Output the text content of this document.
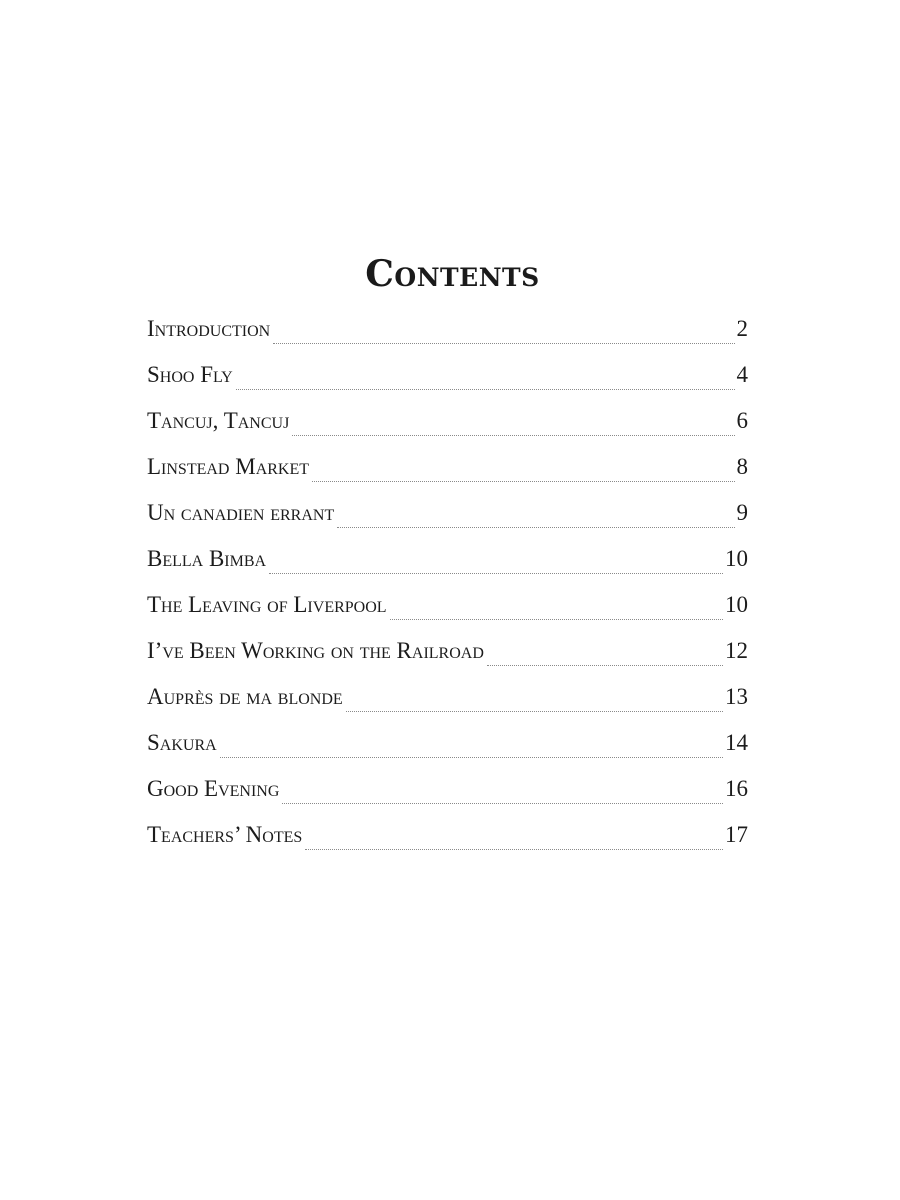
Contents
Introduction	2
Shoo Fly	4
Tancuj, Tancuj	6
Linstead Market	8
Un canadien errant	9
Bella Bimba	10
The Leaving of Liverpool	10
I’ve Been Working on the Railroad	12
Auprès de ma blonde	13
Sakura	14
Good Evening	16
Teachers’ Notes	17
